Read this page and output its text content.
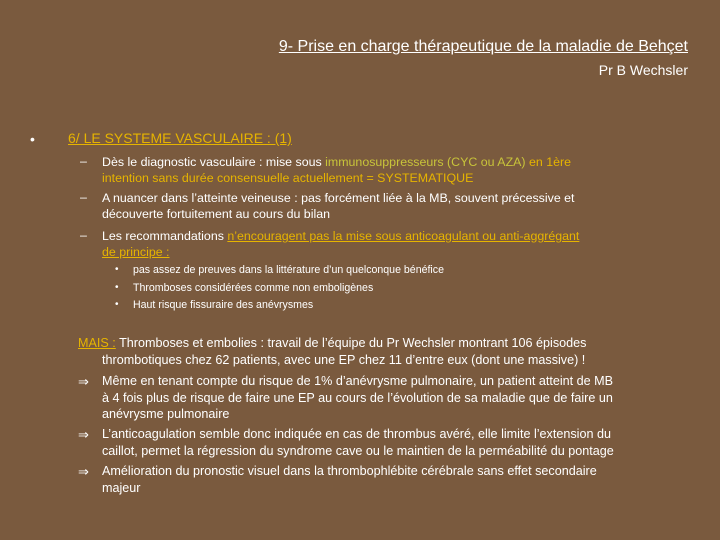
9- Prise en charge thérapeutique de la maladie de Behçet
Pr B Wechsler
• 6/ LE SYSTEME VASCULAIRE : (1)
– Dès le diagnostic vasculaire : mise sous immunosuppresseurs (CYC ou AZA) en 1ère
intention sans durée consensuelle actuellement = SYSTEMATIQUE
– A nuancer dans l’atteinte veineuse : pas forcément liée à la MB, souvent précessive et
découverte fortuitement au cours du bilan
– Les recommandations n’encouragent pas la mise sous anticoagulant ou anti-aggrégant
de principe :
• pas assez de preuves dans la littérature d’un quelconque bénéfice
• Thromboses considérées comme non emboligènes
• Haut risque fissuraire des anévrysmes
MAIS : Thromboses et embolies : travail de l’équipe du Pr Wechsler montrant 106 épisodes
thrombotiques chez 62 patients, avec une EP chez 11 d’entre eux (dont une massive) !
⇒ Même en tenant compte du risque de 1% d’anévrysme pulmonaire, un patient atteint de MB
à 4 fois plus de risque de faire une EP au cours de l’évolution de sa maladie que de faire un
anévrysme pulmonaire
⇒ L’anticoagulation semble donc indiquée en cas de thrombus avéré, elle limite l’extension du
caillot, permet la régression du syndrome cave ou le maintien de la perméabilité du pontage
⇒ Amélioration du pronostic visuel dans la thrombophlébite cérébrale sans effet secondaire
majeur
